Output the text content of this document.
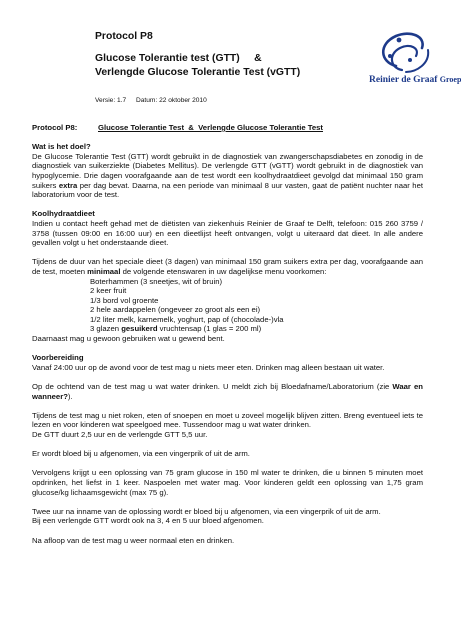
Protocol P8
Glucose Tolerantie test (GTT)     &
Verlengde Glucose Tolerantie Test (vGTT)
Versie: 1.7 Datum: 22 oktober 2010
Reinier de Graaf Groep
Protocol P8:	Glucose Tolerantie Test  &  Verlengde Glucose Tolerantie Test

Wat is het doel?

De Glucose Tolerantie Test (GTT) wordt gebruikt in de diagnostiek van zwangerschapsdiabetes en zonodig in de diagnostiek van suikerziekte (Diabetes Mellitus). De verlengde GTT (vGTT) wordt gebruikt in de diagnostiek van hypoglycemie. Drie dagen voorafgaande aan de test wordt een koolhydraatdieet gevolgd dat minimaal 150 gram suikers extra per dag bevat. Daarna, na een periode van minimaal 8 uur vasten, gaat de patiënt nuchter naar het laboratorium voor de test.

Koolhydraatdieet

Indien u contact heeft gehad met de diëtisten van ziekenhuis Reinier de Graaf te Delft, telefoon: 015 260 3759 / 3758 (tussen 09:00 en 16:00 uur) en een dieetlijst heeft ontvangen, volgt u uiteraard dat dieet. In alle andere gevallen volgt u het onderstaande dieet.

Tijdens de duur van het speciale dieet (3 dagen) van minimaal 150 gram suikers extra per dag, voorafgaande aan de test, moeten minimaal de volgende etenswaren in uw dagelijkse menu voorkomen:

Boterhammen (3 sneetjes, wit of bruin)
2 keer fruit
1/3 bord vol groente
2 hele aardappelen (ongeveer zo groot als een ei)
1/2 liter melk, karnemelk, yoghurt, pap of (chocolade-)vla
3 glazen gesuikerd vruchtensap (1 glas = 200 ml)

Daarnaast mag u gewoon gebruiken wat u gewend bent.

Voorbereiding

Vanaf 24:00 uur op de avond voor de test mag u niets meer eten. Drinken mag alleen bestaan uit water.

Op de ochtend van de test mag u wat water drinken. U meldt zich bij Bloedafname/Laboratorium (zie Waar en wanneer?).

Tijdens de test mag u niet roken, eten of snoepen en moet u zoveel mogelijk blijven zitten. Breng eventueel iets te lezen en voor kinderen wat speelgoed mee. Tussendoor mag u wat water drinken.

De GTT duurt 2,5 uur en de verlengde GTT 5,5 uur.

Er wordt bloed bij u afgenomen, via een vingerprik of uit de arm.

Vervolgens krijgt u een oplossing van 75 gram glucose in 150 ml water te drinken, die u binnen 5 minuten moet opdrinken, het liefst in 1 keer. Naspoelen met water mag. Voor kinderen geldt een oplossing van 1,75 gram glucose/kg lichaamsgewicht (max 75 g).

Twee uur na inname van de oplossing wordt er bloed bij u afgenomen, via een vingerprik of uit de arm.

Bij een verlengde GTT wordt ook na 3, 4 en 5 uur bloed afgenomen.

Na afloop van de test mag u weer normaal eten en drinken.
